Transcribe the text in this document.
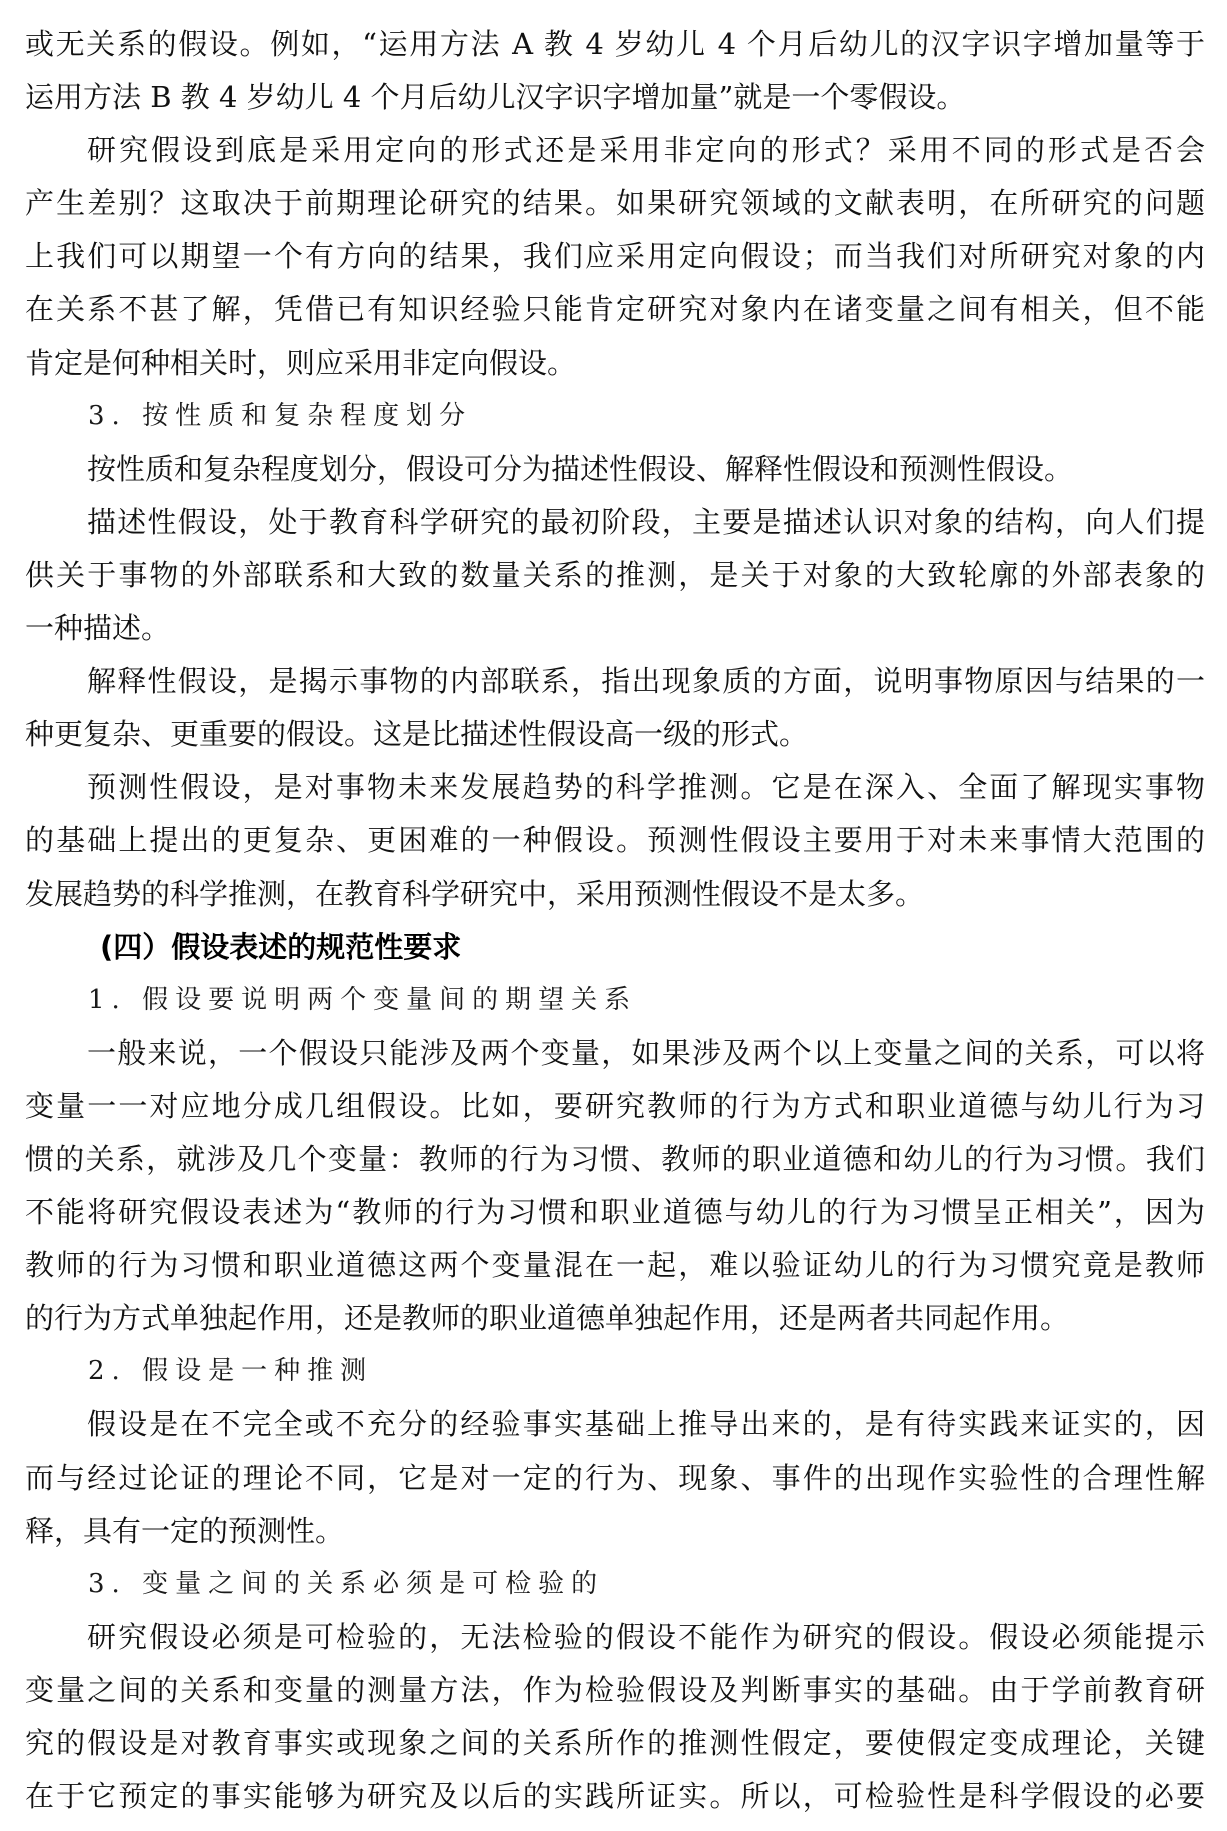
或无关系的假设。例如，“运用方法 A 教 4 岁幼儿 4 个月后幼儿的汉字识字增加量等于
运用方法 B 教 4 岁幼儿 4 个月后幼儿汉字识字增加量”就是一个零假设。
研究假设到底是采用定向的形式还是采用非定向的形式？采用不同的形式是否会
产生差别？这取决于前期理论研究的结果。如果研究领域的文献表明，在所研究的问题
上我们可以期望一个有方向的结果，我们应采用定向假设；而当我们对所研究对象的内
在关系不甚了解，凭借已有知识经验只能肯定研究对象内在诸变量之间有相关，但不能
肯定是何种相关时，则应采用非定向假设。
3. 按性质和复杂程度划分
按性质和复杂程度划分，假设可分为描述性假设、解释性假设和预测性假设。
描述性假设，处于教育科学研究的最初阶段，主要是描述认识对象的结构，向人们提
供关于事物的外部联系和大致的数量关系的推测，是关于对象的大致轮廓的外部表象的
一种描述。
解释性假设，是揭示事物的内部联系，指出现象质的方面，说明事物原因与结果的一
种更复杂、更重要的假设。这是比描述性假设高一级的形式。
预测性假设，是对事物未来发展趋势的科学推测。它是在深入、全面了解现实事物
的基础上提出的更复杂、更困难的一种假设。预测性假设主要用于对未来事情大范围的
发展趋势的科学推测，在教育科学研究中，采用预测性假设不是太多。
(四）假设表述的规范性要求
1. 假设要说明两个变量间的期望关系
一般来说，一个假设只能涉及两个变量，如果涉及两个以上变量之间的关系，可以将
变量一一对应地分成几组假设。比如，要研究教师的行为方式和职业道德与幼儿行为习
惯的关系，就涉及几个变量：教师的行为习惯、教师的职业道德和幼儿的行为习惯。我们
不能将研究假设表述为“教师的行为习惯和职业道德与幼儿的行为习惯呈正相关”，因为
教师的行为习惯和职业道德这两个变量混在一起，难以验证幼儿的行为习惯究竟是教师
的行为方式单独起作用，还是教师的职业道德单独起作用，还是两者共同起作用。
2. 假设是一种推测
假设是在不完全或不充分的经验事实基础上推导出来的，是有待实践来证实的，因
而与经过论证的理论不同，它是对一定的行为、现象、事件的出现作实验性的合理性解
释，具有一定的预测性。
3. 变量之间的关系必须是可检验的
研究假设必须是可检验的，无法检验的假设不能作为研究的假设。假设必须能提示
变量之间的关系和变量的测量方法，作为检验假设及判断事实的基础。由于学前教育研
究的假设是对教育事实或现象之间的关系所作的推测性假定，要使假定变成理论，关键
在于它预定的事实能够为研究及以后的实践所证实。所以，可检验性是科学假设的必要
